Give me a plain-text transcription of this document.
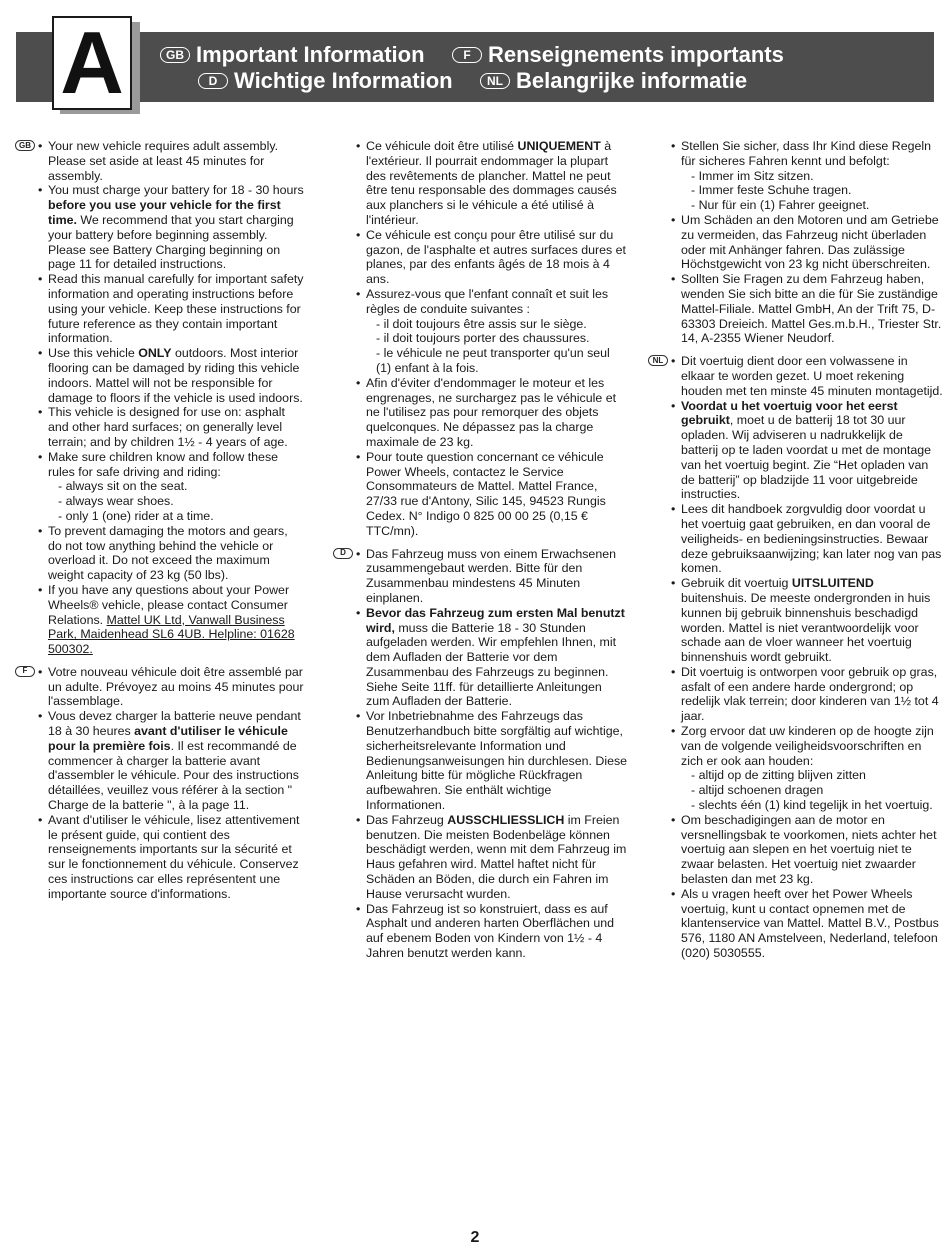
A	GB Important Information	F Renseignements importants
D Wichtige Information	NL Belangrijke informatie
GB	• Your new vehicle requires adult assembly. Please set aside at least 45 minutes for assembly.
• You must charge your battery for 18 - 30 hours before you use your vehicle for the first time. We recommend that you start charging your battery before beginning assembly. Please see Battery Charging beginning on page 11 for detailed instructions.
• Read this manual carefully for important safety information and operating instructions before using your vehicle. Keep these instructions for future reference as they contain important information.
• Use this vehicle ONLY outdoors. Most interior flooring can be damaged by riding this vehicle indoors. Mattel will not be responsible for damage to floors if the vehicle is used indoors.
• This vehicle is designed for use on: asphalt and other hard surfaces; on generally level terrain; and by children 1½ - 4 years of age.
• Make sure children know and follow these rules for safe driving and riding:
- always sit on the seat.
- always wear shoes.
- only 1 (one) rider at a time.
• To prevent damaging the motors and gears, do not tow anything behind the vehicle or overload it. Do not exceed the maximum weight capacity of 23 kg (50 lbs).
• If you have any questions about your Power Wheels® vehicle, please contact Consumer Relations. Mattel UK Ltd, Vanwall Business Park, Maidenhead SL6 4UB. Helpline: 01628 500302.
F	• Votre nouveau véhicule doit être assemblé par un adulte. Prévoyez au moins 45 minutes pour l'assemblage.
• Vous devez charger la batterie neuve pendant 18 à 30 heures avant d'utiliser le véhicule pour la première fois. Il est recommandé de commencer à charger la batterie avant d'assembler le véhicule. Pour des instructions détaillées, veuillez vous référer à la section " Charge de la batterie ", à la page 11.
• Avant d'utiliser le véhicule, lisez attentivement le présent guide, qui contient des renseignements importants sur la sécurité et sur le fonctionnement du véhicule. Conservez ces instructions car elles représentent une importante source d'informations.
• Ce véhicule doit être utilisé UNIQUEMENT à l'extérieur. Il pourrait endommager la plupart des revêtements de plancher. Mattel ne peut être tenu responsable des dommages causés aux planchers si le véhicule a été utilisé à l'intérieur.
• Ce véhicule est conçu pour être utilisé sur du gazon, de l'asphalte et autres surfaces dures et planes, par des enfants âgés de 18 mois à 4 ans.
• Assurez-vous que l'enfant connaît et suit les règles de conduite suivantes :
- il doit toujours être assis sur le siège.
- il doit toujours porter des chaussures.
- le véhicule ne peut transporter qu'un seul (1) enfant à la fois.
• Afin d'éviter d'endommager le moteur et les engrenages, ne surchargez pas le véhicule et ne l'utilisez pas pour remorquer des objets quelconques. Ne dépassez pas la charge maximale de 23 kg.
• Pour toute question concernant ce véhicule Power Wheels, contactez le Service Consommateurs de Mattel. Mattel France, 27/33 rue d'Antony, Silic 145, 94523 Rungis Cedex. N° Indigo 0 825 00 00 25 (0,15 € TTC/mn).
D	• Das Fahrzeug muss von einem Erwachsenen zusammengebaut werden. Bitte für den Zusammenbau mindestens 45 Minuten einplanen.
• Bevor das Fahrzeug zum ersten Mal benutzt wird, muss die Batterie 18 - 30 Stunden aufgeladen werden. Wir empfehlen Ihnen, mit dem Aufladen der Batterie vor dem Zusammenbau des Fahrzeugs zu beginnen. Siehe Seite 11ff. für detaillierte Anleitungen zum Aufladen der Batterie.
• Vor Inbetriebnahme des Fahrzeugs das Benutzerhandbuch bitte sorgfältig auf wichtige, sicherheitsrelevante Information und Bedienungsanweisungen hin durchlesen. Diese Anleitung bitte für mögliche Rückfragen aufbewahren. Sie enthält wichtige Informationen.
• Das Fahrzeug AUSSCHLIESSLICH im Freien benutzen. Die meisten Bodenbeläge können beschädigt werden, wenn mit dem Fahrzeug im Haus gefahren wird. Mattel haftet nicht für Schäden an Böden, die durch ein Fahren im Hause verursacht wurden.
• Das Fahrzeug ist so konstruiert, dass es auf Asphalt und anderen harten Oberflächen und auf ebenem Boden von Kindern von 1½ - 4 Jahren benutzt werden kann.
• Stellen Sie sicher, dass Ihr Kind diese Regeln für sicheres Fahren kennt und befolgt:
- Immer im Sitz sitzen.
- Immer feste Schuhe tragen.
- Nur für ein (1) Fahrer geeignet.
• Um Schäden an den Motoren und am Getriebe zu vermeiden, das Fahrzeug nicht überladen oder mit Anhänger fahren. Das zulässige Höchstgewicht von 23 kg nicht überschreiten.
• Sollten Sie Fragen zu dem Fahrzeug haben, wenden Sie sich bitte an die für Sie zuständige Mattel-Filiale. Mattel GmbH, An der Trift 75, D-63303 Dreieich. Mattel Ges.m.b.H., Triester Str. 14, A-2355 Wiener Neudorf.
NL	• Dit voertuig dient door een volwassene in elkaar te worden gezet. U moet rekening houden met ten minste 45 minuten montagetijd.
• Voordat u het voertuig voor het eerst gebruikt, moet u de batterij 18 tot 30 uur opladen. Wij adviseren u nadrukkelijk de batterij op te laden voordat u met de montage van het voertuig begint. Zie “Het opladen van de batterij” op bladzijde 11 voor uitgebreide instructies.
• Lees dit handboek zorgvuldig door voordat u het voertuig gaat gebruiken, en dan vooral de veiligheids- en bedieningsinstructies. Bewaar deze gebruiksaanwijzing; kan later nog van pas komen.
• Gebruik dit voertuig UITSLUITEND buitenshuis. De meeste ondergronden in huis kunnen bij gebruik binnenshuis beschadigd worden. Mattel is niet verantwoordelijk voor schade aan de vloer wanneer het voertuig binnenshuis wordt gebruikt.
• Dit voertuig is ontworpen voor gebruik op gras, asfalt of een andere harde ondergrond; op redelijk vlak terrein; door kinderen van 1½ tot 4 jaar.
• Zorg ervoor dat uw kinderen op de hoogte zijn van de volgende veiligheidsvoorschriften en zich er ook aan houden:
- altijd op de zitting blijven zitten
- altijd schoenen dragen
- slechts één (1) kind tegelijk in het voertuig.
• Om beschadigingen aan de motor en versnellingsbak te voorkomen, niets achter het voertuig aan slepen en het voertuig niet te zwaar belasten. Het voertuig niet zwaarder belasten dan met 23 kg.
• Als u vragen heeft over het Power Wheels voertuig, kunt u contact opnemen met de klantenservice van Mattel. Mattel B.V., Postbus 576, 1180 AN Amstelveen, Nederland, telefoon (020) 5030555.
2
